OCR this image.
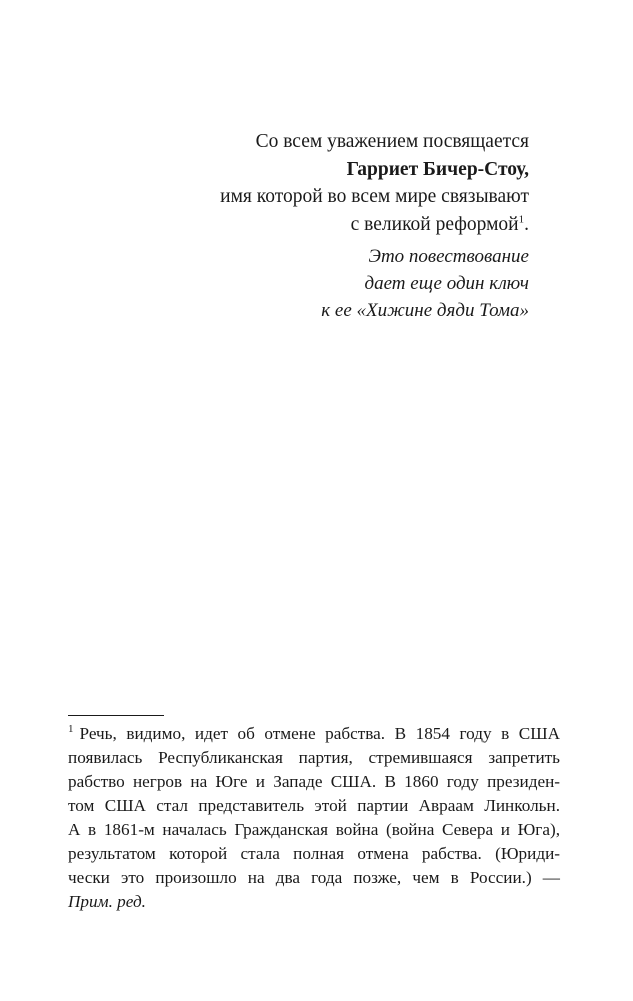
Со всем уважением посвящается
Гарриет Бичер-Стоу,
имя которой во всем мире связывают
с великой реформой$^1$.
Это повествование
дает еще один ключ
к ее «Хижине дяди Тома»
$^1$ Речь, видимо, идет об отмене рабства. В 1854 году в США
появилась Республиканская партия, стремившаяся запретить
рабство негров на Юге и Западе США. В 1860 году президен-
том США стал представитель этой партии Авраам Линкольн.
А в 1861-м началась Гражданская война (война Севера и Юга),
результатом которой стала полная отмена рабства. (Юриди-
чески это произошло на два года позже, чем в России.) —
Прим. ред.
